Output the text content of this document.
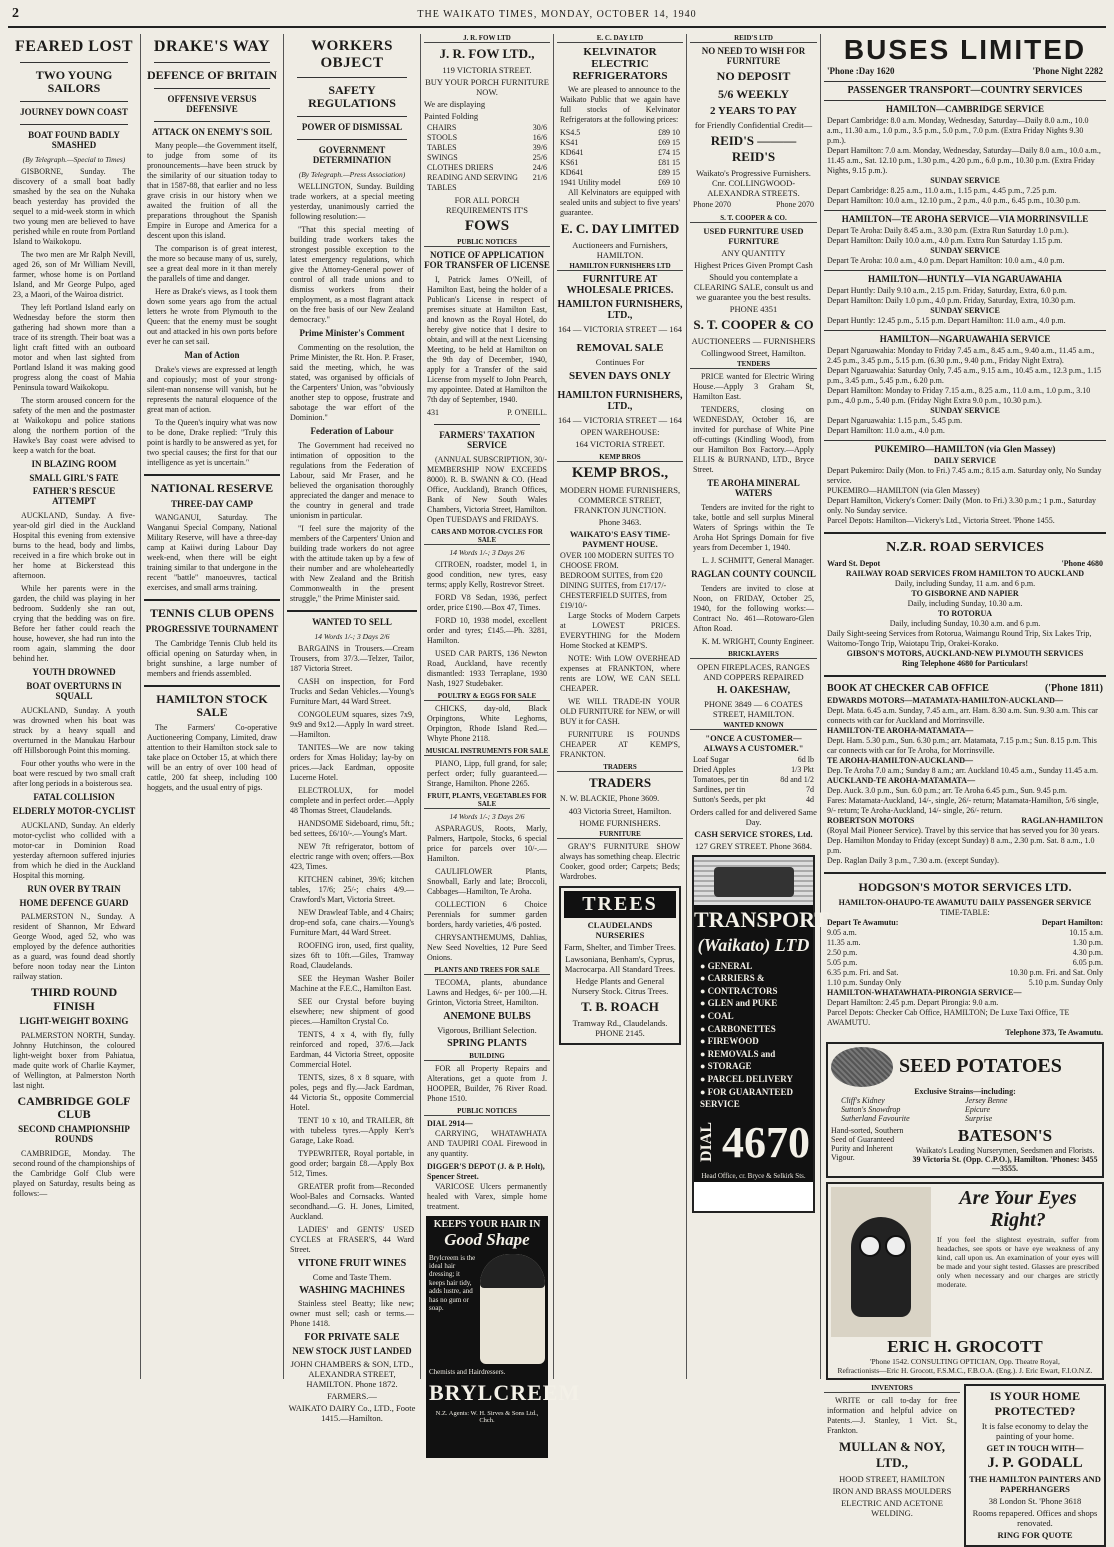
2	THE WAIKATO TIMES, MONDAY, OCTOBER 14, 1940
FEARED LOST
TWO YOUNG SAILORS
JOURNEY DOWN COAST
BOAT FOUND BADLY SMASHED
(By Telegraph.—Special to Times)

GISBORNE, Sunday. The discovery of a small boat badly smashed by the sea on the Nuhaka beach yesterday has provided the sequel to a mid-week storm in which two young men are believed to have perished while en route from Portland Island to Waikokopu.

The two men are Mr Ralph Nevill, aged 26, son of Mr William Nevill, farmer, whose home is on Portland Island, and Mr George Pulpo, aged 23, a Maori, of the Wairoa district.

They left Portland Island early on Wednesday before the storm then gathering had shown more than a trace of its strength. Their boat was a light craft fitted with an outboard motor and when last sighted from Portland Island it was making good progress along the coast of Mahia Peninsula toward Waikokopu.

The storm aroused concern for the safety of the men and the postmaster at Waikokopu and police stations along the northern portion of the Hawke's Bay coast were advised to keep a watch for the boat.

IN BLAZING ROOM
SMALL GIRL'S FATE
FATHER'S RESCUE ATTEMPT

AUCKLAND, Sunday. A five-year-old girl died in the Auckland Hospital this evening from extensive burns to the head, body and limbs, received in a fire which broke out in her home at Bickerstead this afternoon.

While her parents were in the garden, the child was playing in her bedroom. Suddenly she ran out, crying that the bedding was on fire. Before her father could reach the house, however, she had run into the room again, slamming the door behind her.

YOUTH DROWNED
BOAT OVERTURNS IN SQUALL

AUCKLAND, Sunday. A youth was drowned when his boat was struck by a heavy squall and overturned in the Manukau Harbour off Hillsborough Point this morning.

Four other youths who were in the boat were rescued by two small craft after long periods in a boisterous sea.

FATAL COLLISION
ELDERLY MOTOR-CYCLIST

AUCKLAND, Sunday. An elderly motor-cyclist who collided with a motor-car in Dominion Road yesterday afternoon suffered injuries from which he died in the Auckland Hospital this morning.

RUN OVER BY TRAIN
HOME DEFENCE GUARD

PALMERSTON N., Sunday. A resident of Shannon, Mr Edward George Wood, aged 52, who was employed by the defence authorities as a guard, was found dead shortly before noon today near the Linton railway station.

THIRD ROUND FINISH
LIGHT-WEIGHT BOXING

PALMERSTON NORTH, Sunday. Johnny Hutchinson, the coloured light-weight boxer from Pahiatua, made quite work of Charlie Kaymer, of Wellington, at Palmerston North last night.

CAMBRIDGE GOLF CLUB
SECOND CHAMPIONSHIP ROUNDS

CAMBRIDGE, Monday. The second round of the championships of the Cambridge Golf Club were played on Saturday, results being as follows:—

DRAKE'S WAY
DEFENCE OF BRITAIN
OFFENSIVE VERSUS DEFENSIVE
ATTACK ON ENEMY'S SOIL

Many people—the Government itself, to judge from some of its pronouncements—have been struck by the similarity of our situation today to that in 1587-88, that earlier and no less grave crisis in our history when we awaited the fruition of all the preparations throughout the Spanish Empire in Europe and America for a descent upon this island.

The comparison is of great interest, the more so because many of us, surely, see a great deal more in it than merely the parallels of time and danger.

Here as Drake's views, as I took them down some years ago from the actual letters he wrote from Plymouth to the Queen: that the enemy must be sought out and attacked in his own ports before ever he can set sail.

Man of Action

Drake's views are expressed at length and copiously; most of your strong-silent-man nonsense will vanish, but he represents the natural eloquence of the great man of action.

To the Queen's inquiry what was now to be done, Drake replied: "Truly this point is hardly to be answered as yet, for two special causes; the first for that our intelligence as yet is uncertain."

NATIONAL RESERVE
THREE-DAY CAMP

WANGANUI, Saturday. The Wanganui Special Company, National Military Reserve, will have a three-day camp at Kaiiwi during Labour Day week-end, when there will be eight training similar to that undergone in the recent "battle" manoeuvres, tactical exercises, and small arms training.

TENNIS CLUB OPENS
PROGRESSIVE TOURNAMENT

The Cambridge Tennis Club held its official opening on Saturday when, in bright sunshine, a large number of members and friends assembled.

HAMILTON STOCK SALE

The Farmers' Co-operative Auctioneering Company, Limited, draw attention to their Hamilton stock sale to take place on October 15, at which there will be an entry of over 100 head of cattle, 200 fat sheep, including 100 hoggets, and the usual entry of pigs.

WORKERS OBJECT
SAFETY REGULATIONS
POWER OF DISMISSAL
GOVERNMENT DETERMINATION
(By Telegraph.—Press Association)

WELLINGTON, Sunday. Building trade workers, at a special meeting yesterday, unanimously carried the following resolution:—

"That this special meeting of building trade workers takes the strongest possible exception to the latest emergency regulations, which give the Attorney-General power of control of all trade unions and to dismiss workers from their employment, as a most flagrant attack on the free basis of our New Zealand democracy."

Prime Minister's Comment

Commenting on the resolution, the Prime Minister, the Rt. Hon. P. Fraser, said the meeting, which, he was stated, was organised by officials of the Carpenters' Union, was "obviously another step to oppose, frustrate and sabotage the war effort of the Dominion."

Federation of Labour

The Government had received no intimation of opposition to the regulations from the Federation of Labour, said Mr Fraser, and he believed the organisation thoroughly appreciated the danger and menace to the country in general and trade unionism in particular.

"I feel sure the majority of the members of the Carpenters' Union and building trade workers do not agree with the attitude taken up by a few of their number and are wholeheartedly with New Zealand and the British Commonwealth in the present struggle," the Prime Minister said.

WANTED TO SELL
14 Words 1/-; 3 Days 2/6

BARGAINS in Trousers.—Cream Trousers, from 37/3.—Telzer, Tailor, 187 Victoria Street.

CASH on inspection, for Ford Trucks and Sedan Vehicles.—Young's Furniture Mart, 44 Ward Street.

CONGOLEUM squares, sizes 7x9, 9x9 and 9x12.—Apply In ward street.—Hamilton.

TANITES—We are now taking orders for Xmas Holiday; lay-by on prices.—Jack Eardman, opposite Lucerne Hotel.

ELECTROLUX, for model complete and in perfect order.—Apply 48 Thomas Street, Claudelands.

HANDSOME Sideboard, rimu, 5ft.; bed settees, £6/10/-.—Young's Mart.

NEW 7ft refrigerator, bottom of electric range with oven; offers.—Box 423, Times.

KITCHEN cabinet, 39/6; kitchen tables, 17/6; 25/-; chairs 4/9.—Crawford's Mart, Victoria Street.

NEW Drawleaf Table, and 4 Chairs; drop-end sofa, cane chairs.—Young's Furniture Mart, 44 Ward Street.

ROOFING iron, used, first quality, sizes 6ft to 10ft.—Giles, Tramway Road, Claudelands.

SEE the Heyman Washer Boiler Machine at the F.E.C., Hamilton East.

SEE our Crystal before buying elsewhere; new shipment of good pieces.—Hamilton Crystal Co.

TENTS, 4 x 4, with fly, fully reinforced and roped, 37/6.—Jack Eardman, 44 Victoria Street, opposite Commercial Hotel.

TENTS, sizes, 8 x 8 square, with poles, pegs and fly.—Jack Eardman, 44 Victoria St., opposite Commercial Hotel.

TENT 10 x 10, and TRAILER, 8ft with tubeless tyres.—Apply Kerr's Garage, Lake Road.

TYPEWRITER, Royal portable, in good order; bargain £8.—Apply Box 512, Times.

GREATER profit from—Reconded Wool-Bales and Cornsacks. Wanted secondhand.—G. H. Jones, Limited, Auckland.

LADIES' and GENTS' USED CYCLES at FRASER'S, 44 Ward Street.

VITONE FRUIT WINES
Come and Taste Them.
WASHING MACHINES

Stainless steel Beatty; like new; owner must sell; cash or terms.—Phone 1418.

FOR PRIVATE SALE
NEW STOCK JUST LANDED
JOHN CHAMBERS & SON, LTD., ALEXANDRA STREET, HAMILTON. Phone 1872.
FARMERS.—
WAIKATO DAIRY Co., LTD., Foote 1415.—Hamilton.
J. R. FOW LTD
J. R. FOW LTD.,
119 VICTORIA STREET.
BUY YOUR PORCH FURNITURE NOW.
We are displaying
Painted Folding
CHAIRS	30/6
STOOLS	16/6
TABLES	39/6
SWINGS	25/6
CLOTHES DRIERS	24/6
READING AND SERVING TABLES
21/6
FOR ALL PORCH REQUIREMENTS IT'S
FOWS
PUBLIC NOTICES
NOTICE OF APPLICATION FOR TRANSFER OF LICENSE

I, Patrick James O'Neill, of Hamilton East, being the holder of a Publican's License in respect of premises situate at Hamilton East, and known as the Royal Hotel, do hereby give notice that I desire to obtain, and will at the next Licensing Meeting, to be held at Hamilton on the 9th day of December, 1940, apply for a Transfer of the said License from myself to John Pearch, my appointee. Dated at Hamilton the 7th day of September, 1940.

431	P. O'NEILL.
FARMERS' TAXATION SERVICE

(ANNUAL SUBSCRIPTION, 30/-MEMBERSHIP NOW EXCEEDS 8000). R. B. SWANN & CO. (Head Office, Auckland), Branch Offices, Bank of New South Wales Chambers, Victoria Street, Hamilton. Open TUESDAYS and FRIDAYS.

CARS AND MOTOR-CYCLES FOR SALE
14 Words 1/-; 3 Days 2/6

CITROEN, roadster, model 1, in good condition, new tyres, easy terms; apply Kelly, Rostrevor Street.

FORD V8 Sedan, 1936, perfect order, price £190.—Box 47, Times.

FORD 10, 1938 model, excellent order and tyres; £145.—Ph. 3281, Hamilton.

USED CAR PARTS, 136 Newton Road, Auckland, have recently dismantled: 1933 Terraplane, 1930 Nash, 1927 Studebaker.

POULTRY & EGGS FOR SALE

CHICKS, day-old, Black Orpingtons, White Leghorns, Orpington, Rhode Island Red.—Whyte Phone 2118.

MUSICAL INSTRUMENTS FOR SALE

PIANO, Lipp, full grand, for sale; perfect order; fully guaranteed.—Strange, Hamilton. Phone 2265.

FRUIT, PLANTS, VEGETABLES FOR SALE
14 Words 1/-; 3 Days 2/6

ASPARAGUS, Roots, Marly, Palmers, Hartpole, Stocks, 6 special price for parcels over 10/-.—Hamilton.

CAULIFLOWER Plants, Snowball, Early and late; Broccoli, Cabbages—Hamilton, Te Aroha.

COLLECTION 6 Choice Perennials for summer garden borders, hardy varieties, 4/6 posted.

CHRYSANTHEMUMS, Dahlias, New Seed Novelties, 12 Pure Seed Onions.

PLANTS AND TREES FOR SALE

TECOMA, plants, abundance Lawns and Hedges, 6/- per 100.—H. Grinton, Victoria Street, Hamilton.

ANEMONE BULBS
Vigorous, Brilliant Selection.
SPRING PLANTS
BUILDING

FOR all Property Repairs and Alterations, get a quote from J. HOOPER, Builder, 76 River Road. Phone 1510.

PUBLIC NOTICES
DIAL 2914—

CARRYING, WHATAWHATA AND TAUPIRI COAL Firewood in any quantity.

DIGGER'S DEPOT (J. & P. Holt), Spencer Street.

VARICOSE Ulcers permanently healed with Varex, simple home treatment.

KEEPS YOUR HAIR IN
Good Shape
Brylcreem is the ideal hair dressing; it keeps hair tidy, adds lustre, and has no gum or soap.
Chemists and Hairdressers.
BRYLCREEM
N.Z. Agents: W. H. Sirves & Sons Ltd., Chch.
E. C. DAY LTD
KELVINATOR ELECTRIC REFRIGERATORS

We are pleased to announce to the Waikato Public that we again have full stocks of Kelvinator Refrigerators at the following prices:

KS4.5	£89 10
KS41	£69 15
KD641	£74 15
KS61	£81 15
KD641	£89 15
1941 Utility model	£69 10

All Kelvinators are equipped with sealed units and subject to five years' guarantee.

E. C. DAY LIMITED
Auctioneers and Furnishers, HAMILTON.
HAMILTON FURNISHERS LTD
FURNITURE AT WHOLESALE PRICES.
HAMILTON FURNISHERS, LTD.,
164 — VICTORIA STREET — 164
REMOVAL SALE
Continues For
SEVEN DAYS ONLY
HAMILTON FURNISHERS, LTD.,
164 — VICTORIA STREET — 164
OPEN WAREHOUSE:
164 VICTORIA STREET.
KEMP BROS
KEMP BROS.,
MODERN HOME FURNISHERS, COMMERCE STREET, FRANKTON JUNCTION.
Phone 3463.
WAIKATO'S EASY TIME-PAYMENT HOUSE.
OVER 100 MODERN SUITES TO CHOOSE FROM.
BEDROOM SUITES, from £20
DINING SUITES, from £17/17/-
CHESTERFIELD SUITES, from £19/10/-

Large Stocks of Modern Carpets at LOWEST PRICES. EVERYTHING for the Modern Home Stocked at KEMP'S.

NOTE: With LOW OVERHEAD expenses at FRANKTON, where rents are LOW, WE CAN SELL CHEAPER.

WE WILL TRADE-IN YOUR OLD FURNITURE for NEW, or will BUY it for CASH.

FURNITURE IS FOUNDS CHEAPER AT KEMP'S, FRANKTON.

TRADERS
TRADERS
N. W. BLACKIE, Phone 3609.
403 Victoria Street, Hamilton.
HOME FURNISHERS.
FURNITURE

GRAY'S FURNITURE SHOW always has something cheap. Electric Cooker, good order; Carpets; Beds; Wardrobes.

TREES
CLAUDELANDS NURSERIES
Farm, Shelter, and Timber Trees.
Lawsoniana, Benham's, Cyprus, Macrocarpa. All Standard Trees.
Hedge Plants and General Nursery Stock. Citrus Trees.
T. B. ROACH
Tramway Rd., Claudelands. PHONE 2145.
REID'S LTD
NO NEED TO WISH FOR FURNITURE
NO DEPOSIT
5/6 WEEKLY
2 YEARS TO PAY
for Friendly Confidential Credit—
REID'S ——— REID'S
Waikato's Progressive Furnishers. Cnr. COLLINGWOOD-ALEXANDRA STREETS.
Phone 2070	Phone 2070
S. T. COOPER & CO.
USED FURNITURE USED FURNITURE
ANY QUANTITY
Highest Prices Given Prompt Cash
Should you contemplate a CLEARING SALE, consult us and we guarantee you the best results.
PHONE 4351
S. T. COOPER & CO
AUCTIONEERS — FURNISHERS
Collingwood Street, Hamilton.
TENDERS

PRICE wanted for Electric Wiring House.—Apply 3 Graham St, Hamilton East.

TENDERS, closing on WEDNESDAY, October 16, are invited for purchase of White Pine off-cuttings (Kindling Wood), from our Hamilton Box Factory.—Apply ELLIS & BURNAND, LTD., Bryce Street.

TE AROHA MINERAL WATERS

Tenders are invited for the right to take, bottle and sell surplus Mineral Waters of Springs within the Te Aroha Hot Springs Domain for five years from December 1, 1940.

L. J. SCHMITT, General Manager.

RAGLAN COUNTY COUNCIL

Tenders are invited to close at Noon, on FRIDAY, October 25, 1940, for the following works:—Contract No. 461—Rotowaro-Glen Afton Road.

K. M. WRIGHT, County Engineer.

BRICKLAYERS
OPEN FIREPLACES, RANGES AND COPPERS REPAIRED
H. OAKESHAW,
PHONE 3849 — 6 COATES STREET, HAMILTON.
WANTED KNOWN
"ONCE A CUSTOMER—ALWAYS A CUSTOMER."
Loaf Sugar	6d lb
Dried Apples	1/3 Pkt
Tomatoes, per tin	8d and 1/2
Sardines, per tin	7d
Sutton's Seeds, per pkt	4d
Orders called for and delivered Same Day.
CASH SERVICE STORES, Ltd.
127 GREY STREET. Phone 3684.
TRANSPORT
(Waikato) LTD
● GENERAL
● CARRIERS &
● CONTRACTORS
● GLEN and PUKE
● COAL
● CARBONETTES
● FIREWOOD
● REMOVALS and
● STORAGE
● PARCEL DELIVERY
● FOR GUARANTEED SERVICE
DIAL 4670
Head Office, cr. Bryce & Selkirk Sts.
BUSES LIMITED
'Phone :Day 1620	'Phone Night 2282
PASSENGER TRANSPORT—COUNTRY SERVICES
HAMILTON—CAMBRIDGE SERVICE
Depart Cambridge: 8.0 a.m. Monday, Wednesday, Saturday—Daily 8.0 a.m., 10.0 a.m., 11.30 a.m., 1.0 p.m., 3.5 p.m., 5.0 p.m., 7.0 p.m. (Extra Friday Nights 9.30 p.m.).
Depart Hamilton: 7.0 a.m. Monday, Wednesday, Saturday—Daily 8.0 a.m., 10.0 a.m., 11.45 a.m., Sat. 12.10 p.m., 1.30 p.m., 4.20 p.m., 6.0 p.m., 10.30 p.m. (Extra Friday Nights, 9.15 p.m.).
SUNDAY SERVICE
Depart Cambridge: 8.25 a.m., 11.0 a.m., 1.15 p.m., 4.45 p.m., 7.25 p.m.
Depart Hamilton: 10.0 a.m., 12.10 p.m., 2 p.m., 4.0 p.m., 6.45 p.m., 10.30 p.m.
HAMILTON—TE AROHA SERVICE—VIA MORRINSVILLE
Depart Te Aroha: Daily 8.45 a.m., 3.30 p.m. (Extra Run Saturday 1.0 p.m.).
Depart Hamilton: Daily 10.0 a.m., 4.0 p.m. Extra Run Saturday 1.15 p.m.
SUNDAY SERVICE
Depart Te Aroha: 10.0 a.m., 4.0 p.m. Depart Hamilton: 10.0 a.m., 4.0 p.m.
HAMILTON—HUNTLY—VIA NGARUAWAHIA
Depart Huntly: Daily 9.10 a.m., 2.15 p.m. Friday, Saturday, Extra, 6.0 p.m.
Depart Hamilton: Daily 1.0 p.m., 4.0 p.m. Friday, Saturday, Extra, 10.30 p.m.
SUNDAY SERVICE
Depart Huntly: 12.45 p.m., 5.15 p.m. Depart Hamilton: 11.0 a.m., 4.0 p.m.
HAMILTON—NGARUAWAHIA SERVICE
Depart Ngaruawahia: Monday to Friday 7.45 a.m., 8.45 a.m., 9.40 a.m., 11.45 a.m., 2.45 p.m., 3.45 p.m., 5.15 p.m. (6.30 p.m., 9.40 p.m., Friday Night Extra).
Depart Ngaruawahia: Saturday Only, 7.45 a.m., 9.15 a.m., 10.45 a.m., 12.3 p.m., 1.15 p.m., 3.45 p.m., 5.45 p.m., 6.20 p.m.
Depart Hamilton: Monday to Friday 7.15 a.m., 8.25 a.m., 11.0 a.m., 1.0 p.m., 3.10 p.m., 4.0 p.m., 5.40 p.m. (Friday Night Extra 9.0 p.m., 10.30 p.m.).
SUNDAY SERVICE
Depart Ngaruawahia: 1.15 p.m., 5.45 p.m.
Depart Hamilton: 11.0 a.m., 4.0 p.m.
PUKEMIRO—HAMILTON (via Glen Massey)
DAILY SERVICE
Depart Pukemiro: Daily (Mon. to Fri.) 7.45 a.m.; 8.15 a.m. Saturday only, No Sunday service.
PUKEMIRO—HAMILTON (via Glen Massey)
Depart Hamilton, Vickery's Corner: Daily (Mon. to Fri.) 3.30 p.m.; 1 p.m., Saturday only. No Sunday service.
Parcel Depots: Hamilton—Vickery's Ltd., Victoria Street. 'Phone 1455.
N.Z.R. ROAD SERVICES
Ward St. Depot	'Phone 4680
RAILWAY ROAD SERVICES FROM HAMILTON TO AUCKLAND
Daily, including Sunday, 11 a.m. and 6 p.m.
TO GISBORNE AND NAPIER
Daily, including Sunday, 10.30 a.m.
TO ROTORUA
Daily, including Sunday, 10.30 a.m. and 6 p.m.
Daily Sight-seeing Services from Rotorua, Waimangu Round Trip, Six Lakes Trip, Waitomo-Tongo Trip, Waiotapu Trip, Orakei-Korako.
GIBSON'S MOTORS, AUCKLAND-NEW PLYMOUTH SERVICES
Ring Telephone 4680 for Particulars!
BOOK AT CHECKER CAB OFFICE	('Phone 1811)
EDWARDS MOTORS—MATAMATA-HAMILTON-AUCKLAND—
Dept. Mata. 6.45 a.m. Sunday, 7.45 a.m., arr. Ham. 8.30 a.m. Sun. 9.30 a.m. This car connects with car for Auckland and Morrinsville.
HAMILTON-TE AROHA-MATAMATA—
Dept. Ham. 5.30 p.m., Sun. 6.30 p.m.; arr. Matamata, 7.15 p.m.; Sun. 8.15 p.m. This car connects with car for Te Aroha, for Morrinsville.
TE AROHA-HAMILTON-AUCKLAND—
Dep. Te Aroha 7.0 a.m.; Sunday 8 a.m.; arr. Auckland 10.45 a.m., Sunday 11.45 a.m.
AUCKLAND-TE AROHA-MATAMATA—
Dep. Auck. 3.0 p.m., Sun. 6.0 p.m.; arr. Te Aroha 6.45 p.m., Sun. 9.45 p.m.
Fares: Matamata-Auckland, 14/-, single, 26/- return; Matamata-Hamilton, 5/6 single, 9/- return; Te Aroha-Auckland, 14/- single, 26/- return.
ROBERTSON MOTORS	RAGLAN-HAMILTON
(Royal Mail Pioneer Service). Travel by this service that has served you for 30 years.
Dep. Hamilton Monday to Friday (except Sunday) 8 a.m., 2.30 p.m. Sat. 8 a.m., 1.0 p.m.
Dep. Raglan Daily 3 p.m., 7.30 a.m. (except Sunday).
HODGSON'S MOTOR SERVICES LTD.
HAMILTON-OHAUPO-TE AWAMUTU DAILY PASSENGER SERVICE
TIME-TABLE:
Depart Te Awamutu:	Depart Hamilton:
9.05 a.m.	10.15 a.m.
11.35 a.m.	1.30 p.m.
2.50 p.m.	4.30 p.m.
5.05 p.m.	6.05 p.m.
6.35 p.m. Fri. and Sat.	10.30 p.m. Fri. and Sat. Only
1.10 p.m. Sunday Only	5.10 p.m. Sunday Only
HAMILTON-WHATAWHATA-PIRONGIA SERVICE—
Depart Hamilton: 2.45 p.m. Depart Pirongia: 9.0 a.m.
Parcel Depots: Checker Cab Office, HAMILTON; De Luxe Taxi Office, TE AWAMUTU.
Telephone 373, Te Awamutu.
SEED POTATOES
Exclusive Strains—including:
Cliff's Kidney	Jersey Benne
Sutton's Snowdrop	Epicure
Sutherland Favourite	Surprise
Hand-sorted, Southern Seed of Guaranteed Purity and Inherent Vigour.
BATESON'S
Waikato's Leading Nurserymen, Seedsmen and Florists.
39 Victoria St. (Opp. C.P.O.), Hamilton. 'Phones: 3455—3555.
Are Your Eyes Right?
If you feel the slightest eyestrain, suffer from headaches, see spots or have eye weakness of any kind, call upon us. An examination of your eyes will be made and your sight tested. Glasses are prescribed only when necessary and our charges are strictly moderate.
ERIC H. GROCOTT
'Phone 1542. CONSULTING OPTICIAN, Opp. Theatre Royal,
Refractionists—Eric H. Grocott, F.S.M.C., F.B.O.A. (Eng.). J. Eric Ewart, F.I.O.N.Z.
INVENTORS

WRITE or call to-day for free information and helpful advice on Patents.—J. Stanley, 1 Vict. St., Frankton.

MULLAN & NOY, LTD.,
HOOD STREET, HAMILTON
IRON AND BRASS MOULDERS
ELECTRIC AND ACETONE WELDING.
IS YOUR HOME PROTECTED?
It is false economy to delay the painting of your home.
GET IN TOUCH WITH—
J. P. GODALL
THE HAMILTON PAINTERS AND PAPERHANGERS
38 London St. 'Phone 3618
Rooms repapered. Offices and shops renovated.
RING FOR QUOTE
